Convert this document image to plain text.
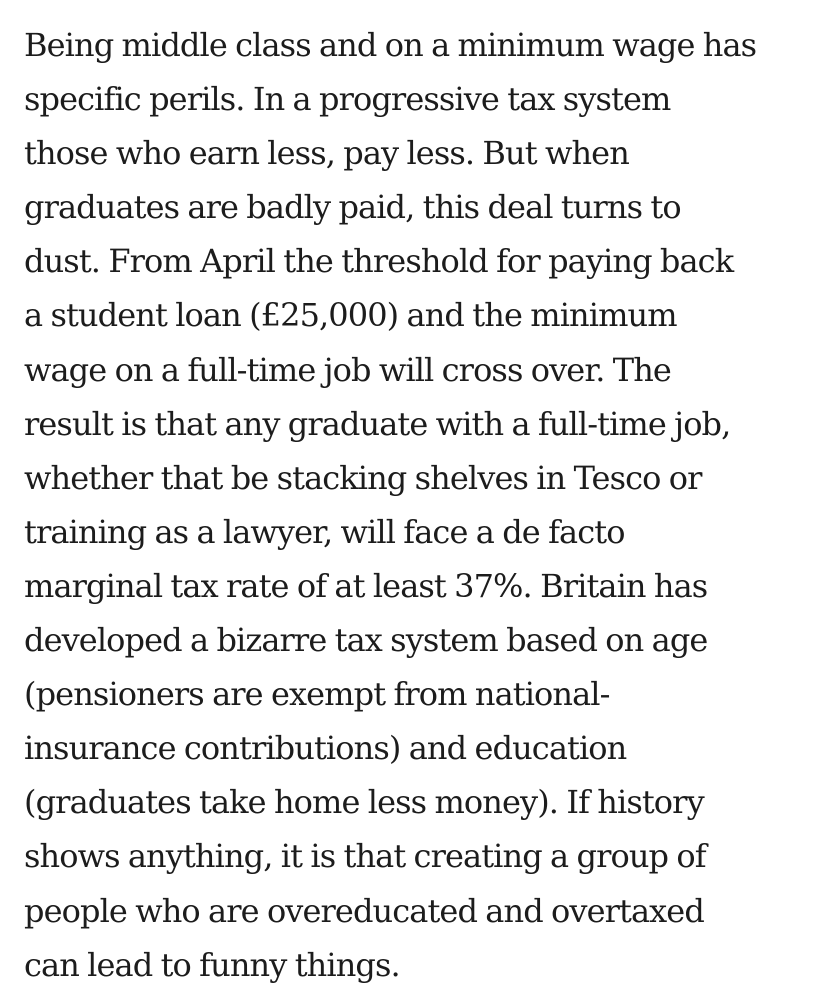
Being middle class and on a minimum wage has
specific perils. In a progressive tax system
those who earn less, pay less. But when
graduates are badly paid, this deal turns to
dust. From April the threshold for paying back
a student loan (£25,000) and the minimum
wage on a full-time job will cross over. The
result is that any graduate with a full-time job,
whether that be stacking shelves in Tesco or
training as a lawyer, will face a de facto
marginal tax rate of at least 37%. Britain has
developed a bizarre tax system based on age
(pensioners are exempt from national-
insurance contributions) and education
(graduates take home less money). If history
shows anything, it is that creating a group of
people who are overeducated and overtaxed
can lead to funny things.
